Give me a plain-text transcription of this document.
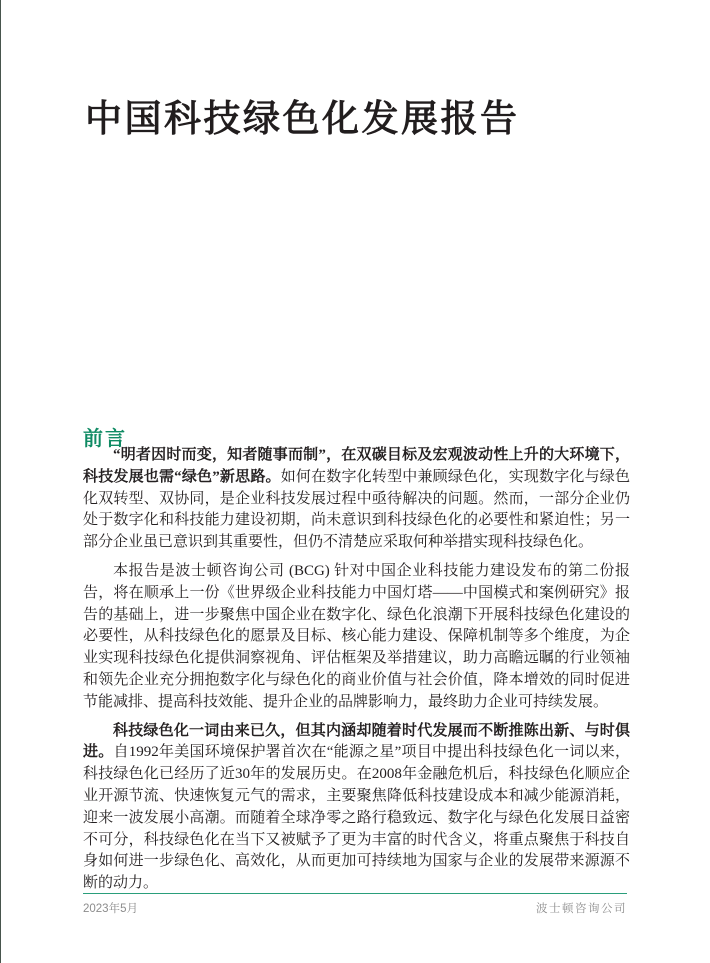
中国科技绿色化发展报告
前言

“明者因时而变，知者随事而制”，在双碳目标及宏观波动性上升的大环境下，科技发展也需“绿色”新思路。如何在数字化转型中兼顾绿色化，实现数字化与绿色化双转型、双协同，是企业科技发展过程中亟待解决的问题。然而，一部分企业仍处于数字化和科技能力建设初期，尚未意识到科技绿色化的必要性和紧迫性；另一部分企业虽已意识到其重要性，但仍不清楚应采取何种举措实现科技绿色化。

本报告是波士顿咨询公司 (BCG) 针对中国企业科技能力建设发布的第二份报告，将在顺承上一份《世界级企业科技能力中国灯塔——中国模式和案例研究》报告的基础上，进一步聚焦中国企业在数字化、绿色化浪潮下开展科技绿色化建设的必要性，从科技绿色化的愿景及目标、核心能力建设、保障机制等多个维度，为企业实现科技绿色化提供洞察视角、评估框架及举措建议，助力高瞻远瞩的行业领袖和领先企业充分拥抱数字化与绿色化的商业价值与社会价值，降本增效的同时促进节能减排、提高科技效能、提升企业的品牌影响力，最终助力企业可持续发展。

科技绿色化一词由来已久，但其内涵却随着时代发展而不断推陈出新、与时俱进。自1992年美国环境保护署首次在“能源之星”项目中提出科技绿色化一词以来，科技绿色化已经历了近30年的发展历史。在2008年金融危机后，科技绿色化顺应企业开源节流、快速恢复元气的需求，主要聚焦降低科技建设成本和减少能源消耗，迎来一波发展小高潮。而随着全球净零之路行稳致远、数字化与绿色化发展日益密不可分，科技绿色化在当下又被赋予了更为丰富的时代含义，将重点聚焦于科技自身如何进一步绿色化、高效化，从而更加可持续地为国家与企业的发展带来源源不断的动力。

2023年5月	波士顿咨询公司
